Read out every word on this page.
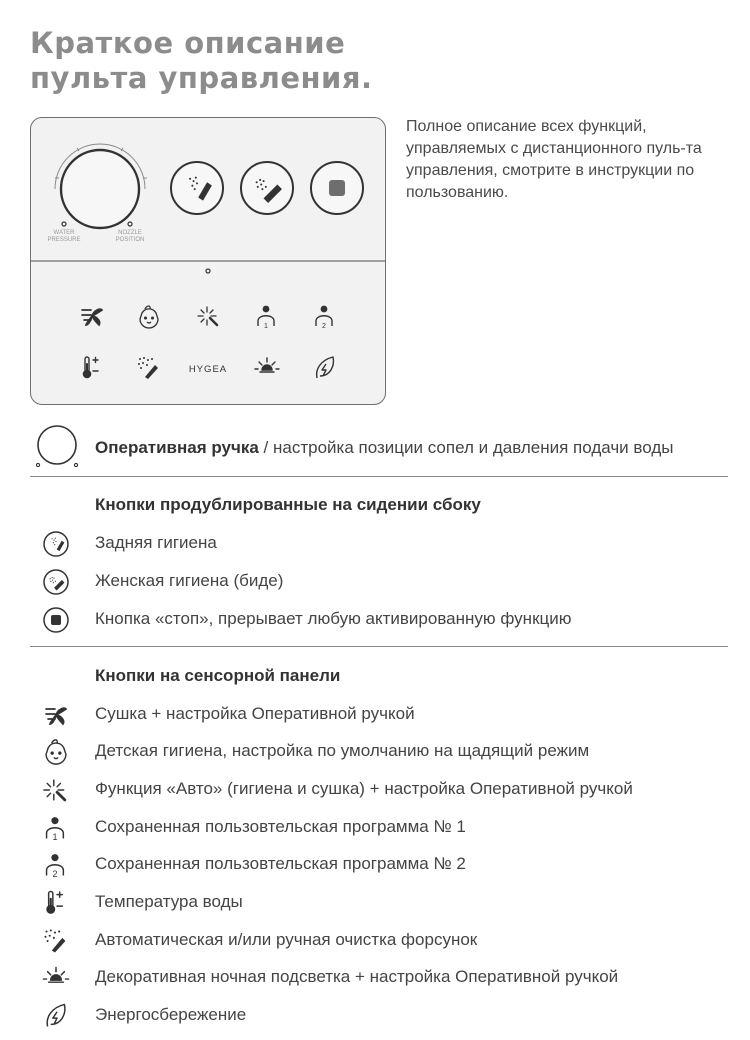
Краткое описание
пульта управления.
WATER
PRESSURE
NOZZLE
POSITION
1	2
HYGEA

Полное описание всех функций, управляемых с дистанционного пуль-та управления, смотрите в инструкции по пользованию.

Оперативная ручка / настройка позиции сопел и давления подачи воды
Кнопки продублированные на сидении сбоку
Задняя гигиена
Женская гигиена (биде)
Кнопка «стоп», прерывает любую активированную функцию
Кнопки на сенсорной панели
Сушка + настройка Оперативной ручкой
Детская гигиена, настройка по умолчанию на щадящий режим
Функция «Авто» (гигиена и сушка) + настройка Оперативной ручкой
1
Сохраненная пользовтельская программа № 1
2
Сохраненная пользовтельская программа № 2
Температура воды
Автоматическая и/или ручная очистка форсунок
Декоративная ночная подсветка + настройка Оперативной ручкой
Энергосбережение
